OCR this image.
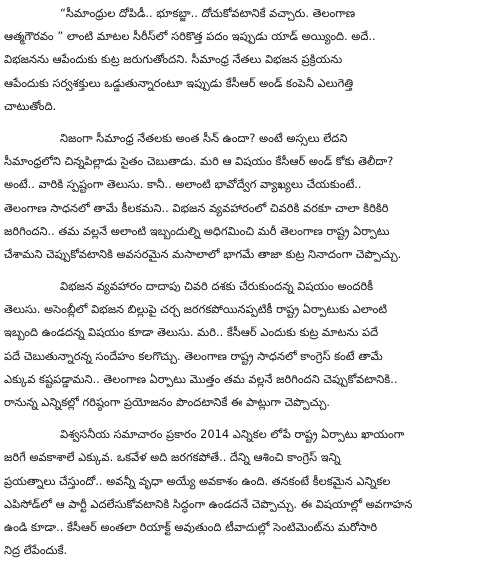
“సీమాంధ్రుల దోపిడీ.. భూకబ్జా.. దోచుకోవటానికే వచ్చారు. తెలంగాణ
ఆత్మగౌరవం ” లాంటి మాటల సీరీస్‌లో సరికొత్త పదం ఇప్పుడు యాడ్ అయ్యింది. అదే..
విభజనను ఆపేందుకు కుట్ర జరుగుతోందని. సీమాంధ్ర నేతలు విభజన ప్రక్రియను
ఆపేందుకు సర్వశక్తులు ఒడ్డుతున్నారంటూ ఇప్పుడు కేసీఆర్ అండ్ కంపెనీ ఎలుగెత్తి
చాటుతోంది.
నిజంగా సీమాంధ్ర నేతలకు అంత సీన్ ఉందా? అంటే అస్సలు లేదని
సీమాంధ్రలోని చిన్నపిల్లాడు సైతం చెబుతాడు. మరి ఆ విషయం కేసీఆర్ అండ్ కోకు తెలీదా?
అంటే.. వారికి స్పష్టంగా తెలుసు. కానీ.. అలాంటి భావోద్వేగ వ్యాఖ్యలు చేయకుంటే..
తెలంగాణ సాధనలో తామే కీలకమని.. విభజన వ్యవహారంలో చివరికి వరకూ చాలా కిరికిరి
జరిగిందని.. తమ వల్లనే అలాంటి ఇబ్బందుల్ని అధిగమించి మరీ తెలంగాణ రాష్ట్ర ఏర్పాటు
చేశామని చెప్పుకోవటానికి అవసరమైన మసాలాలో భాగమే తాజా కుట్ర నినాదంగా చెప్పొచ్చు.
విభజన వ్యవహారం దాదాపు చివరి దశకు చేరుకుందన్న విషయం అందరికీ
తెలుసు. అసెంబ్లీలో విభజన బిల్లుపై చర్చ జరగకపోయినప్పటికీ రాష్ట్ర ఏర్పాటుకు ఎలాంటి
ఇబ్బంది ఉండదన్న విషయం కూడా తెలుసు. మరి.. కేసీఆర్ ఎందుకు కుట్ర మాటను పదే
పదే చెబుతున్నారన్న సందేహం కలగొచ్చు. తెలంగాణ రాష్ట్ర సాధనలో కాంగ్రెస్ కంటే తామే
ఎక్కువ కష్టపడ్డామని.. తెలంగాణ ఏర్పాటు మొత్తం తమ వల్లనే జరిగిందని చెప్పుకోవటానికి..
రానున్న ఎన్నికల్లో గరిష్ఠంగా ప్రయోజనం పొందటానికే ఈ పాట్లుగా చెప్పొచ్చు.
విశ్వసనీయ సమాచారం ప్రకారం 2014 ఎన్నికల లోపే రాష్ట్ర ఏర్పాటు ఖాయంగా
జరిగే అవకాశాలే ఎక్కువ. ఒకవేళ అది జరగకపోతే.. దేన్ని ఆశించి కాంగ్రెస్ ఇన్ని
ప్రయత్నాలు చేస్తుందో.. అవన్నీ వృధా అయ్యే అవకాశం ఉంది. తనకంటే కీలకమైన ఎన్నికల
ఎపిసోడ్‌లో ఆ పార్టీ ఎదలేసుకోవటానికి సిద్ధంగా ఉండదనే చెప్పొచ్చు. ఈ విషయాల్లో అవగాహన
ఉండి కూడా.. కేసీఆర్ అంతలా రియాక్ట్ అవుతుంది టీవాదుల్లో సెంటిమెంట్‌ను మరోసారి
నిద్ర లేపేందుకే.
